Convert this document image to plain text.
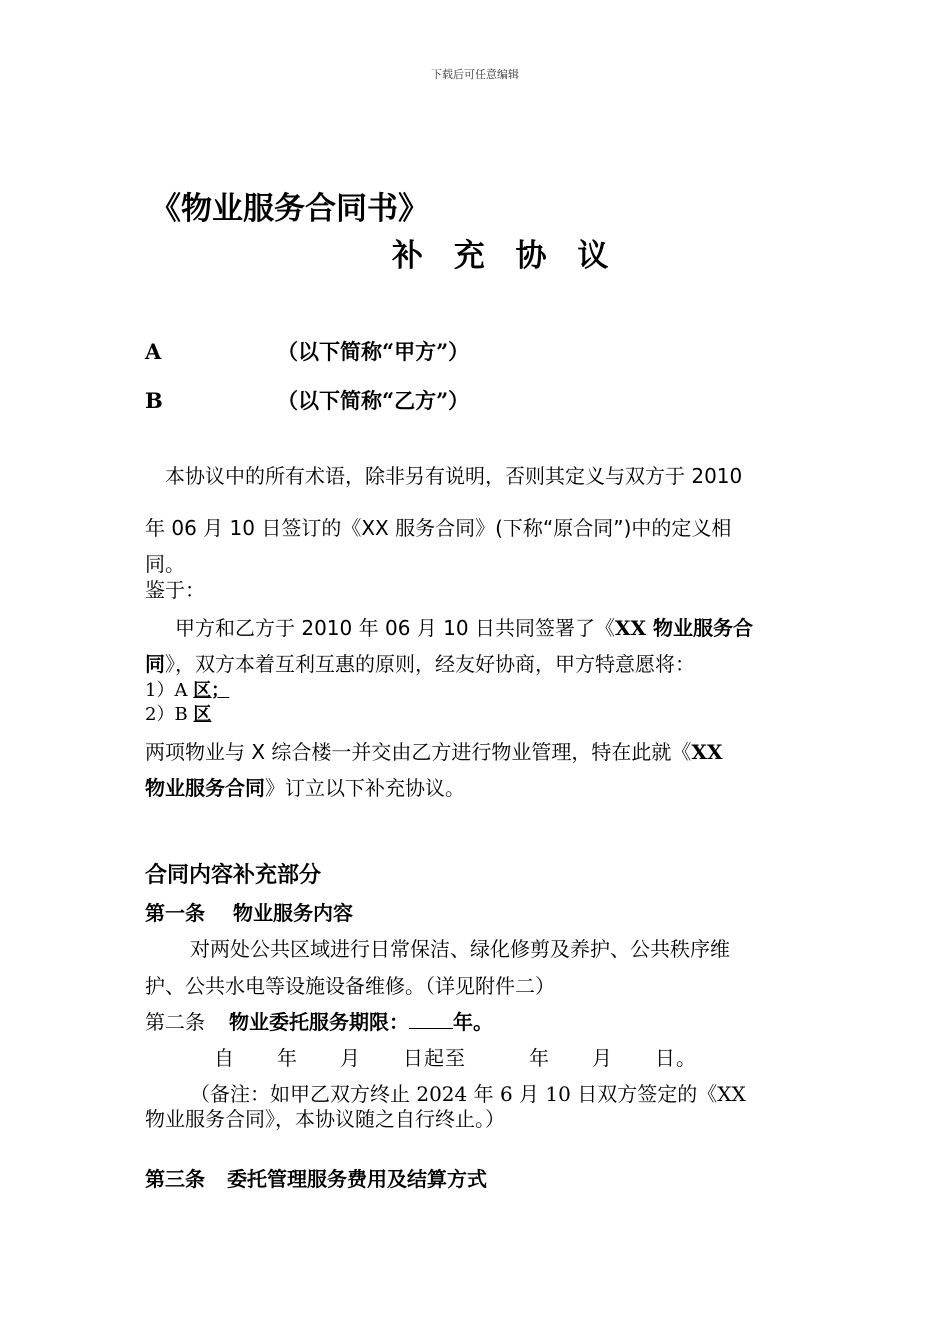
下载后可任意编辑
《物业服务合同书》
补 充 协 议
A	（以下简称“甲方”）
B	（以下简称“乙方”）
本协议中的所有术语，除非另有说明，否则其定义与双方于 2010
年 06 月 10 日签订的《XX 服务合同》(下称“原合同”)中的定义相
同。
鉴于：
甲方和乙方于 2010 年 06 月 10 日共同签署了《XX 物业服务合
同》，双方本着互利互惠的原则，经友好协商，甲方特意愿将：
1）A 区；
2）B 区
两项物业与 X 综合楼一并交由乙方进行物业管理，特在此就《XX
物业服务合同》订立以下补充协议。
合同内容补充部分
第一条 物业服务内容
对两处公共区域进行日常保洁、绿化修剪及养护、公共秩序维
护、公共水电等设施设备维修。（详见附件二）
第二条 物业委托服务期限： 年。
自　　年　　月　　日起至　　　年　　月　　日。
（备注：如甲乙双方终止 2024 年 6 月 10 日双方签定的《XX
物业服务合同》，本协议随之自行终止。）
第三条 委托管理服务费用及结算方式
